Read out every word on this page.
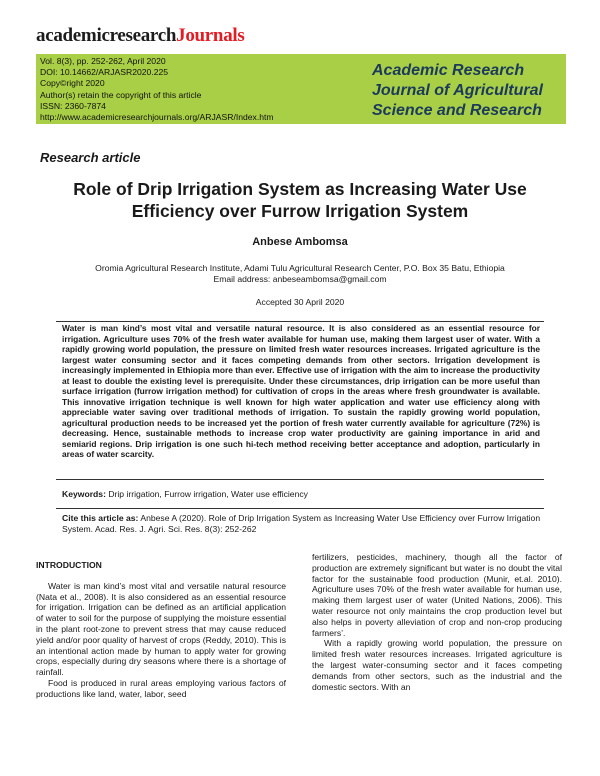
academicresearchJournals
Vol. 8(3), pp. 252-262, April 2020
DOI: 10.14662/ARJASR2020.225
Copy©right 2020
Author(s) retain the copyright of this article
ISSN: 2360-7874
http://www.academicresearchjournals.org/ARJASR/Index.htm
Academic Research
Journal of Agricultural
Science and Research
Research article
Role of Drip Irrigation System as Increasing Water Use Efficiency over Furrow Irrigation System
Anbese Ambomsa
Oromia Agricultural Research Institute, Adami Tulu Agricultural Research Center, P.O. Box 35 Batu, Ethiopia
Email address: anbeseambomsa@gmail.com
Accepted 30 April 2020
Water is man kind’s most vital and versatile natural resource. It is also considered as an essential resource for irrigation. Agriculture uses 70% of the fresh water available for human use, making them largest user of water. With a rapidly growing world population, the pressure on limited fresh water resources increases. Irrigated agriculture is the largest water consuming sector and it faces competing demands from other sectors. Irrigation development is increasingly implemented in Ethiopia more than ever. Effective use of irrigation with the aim to increase the productivity at least to double the existing level is prerequisite. Under these circumstances, drip irrigation can be more useful than surface irrigation (furrow irrigation method) for cultivation of crops in the areas where fresh groundwater is available. This innovative irrigation technique is well known for high water application and water use efficiency along with appreciable water saving over traditional methods of irrigation. To sustain the rapidly growing world population, agricultural production needs to be increased yet the portion of fresh water currently available for agriculture (72%) is decreasing. Hence, sustainable methods to increase crop water productivity are gaining importance in arid and semiarid regions. Drip irrigation is one such hi-tech method receiving better acceptance and adoption, particularly in areas of water scarcity.
Keywords: Drip irrigation, Furrow irrigation, Water use efficiency
Cite this article as: Anbese A (2020). Role of Drip Irrigation System as Increasing Water Use Efficiency over Furrow Irrigation System. Acad. Res. J. Agri. Sci. Res. 8(3): 252-262

INTRODUCTION

Water is man kind’s most vital and versatile natural resource (Nata et al., 2008). It is also considered as an essential resource for irrigation. Irrigation can be defined as an artificial application of water to soil for the purpose of supplying the moisture essential in the plant root-zone to prevent stress that may cause reduced yield and/or poor quality of harvest of crops (Reddy, 2010). This is an intentional action made by human to apply water for growing crops, especially during dry seasons where there is a shortage of rainfall.

Food is produced in rural areas employing various factors of productions like land, water, labor, seed

fertilizers, pesticides, machinery, though all the factor of production are extremely significant but water is no doubt the vital factor for the sustainable food production (Munir, et.al. 2010). Agriculture uses 70% of the fresh water available for human use, making them largest user of water (United Nations, 2006). This water resource not only maintains the crop production level but also helps in poverty alleviation of crop and non-crop producing farmers’.

With a rapidly growing world population, the pressure on limited fresh water resources increases. Irrigated agriculture is the largest water-consuming sector and it faces competing demands from other sectors, such as the industrial and the domestic sectors. With an
